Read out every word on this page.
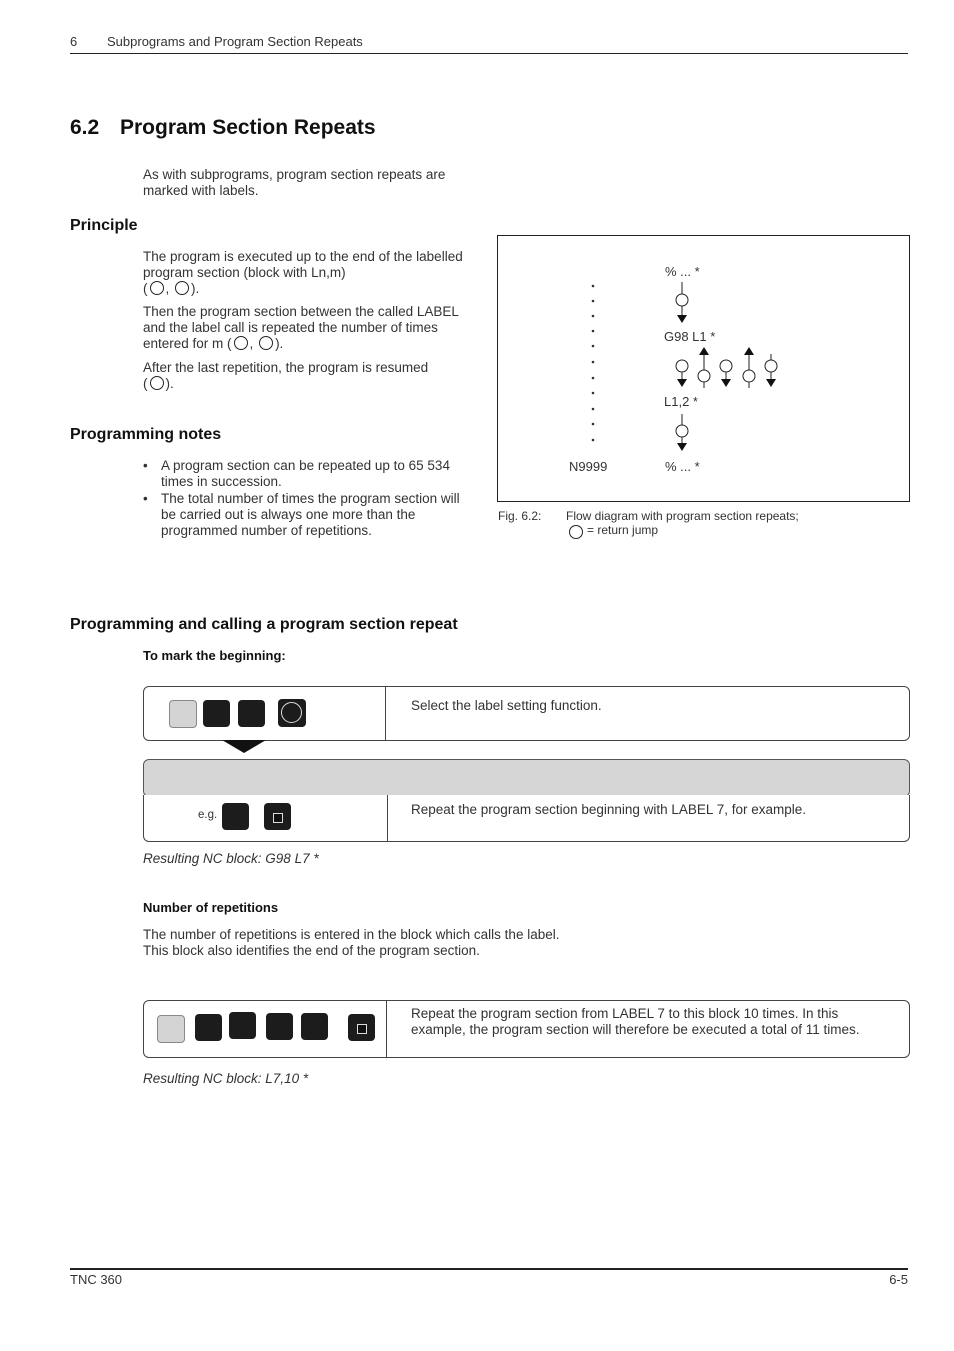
6 Subprograms and Program Section Repeats
6.2 Program Section Repeats
As with subprograms, program section repeats are marked with labels.
Principle
The program is executed up to the end of the labelled program section (block with Ln,m)
( , ).
Then the program section between the called LABEL and the label call is repeated the number of times entered for m ( , ).
After the last repetition, the program is resumed
( ).
Programming notes
• A program section can be repeated up to 65 534 times in succession.
• The total number of times the program section will be carried out is always one more than the programmed number of repetitions.
% ... *
G98 L1 *
L1,2 *
N9999	% ... *
Fig. 6.2: Flow diagram with program section repeats;
= return jump
Programming and calling a program section repeat
To mark the beginning:
Select the label setting function.
e.g.	Repeat the program section beginning with LABEL 7, for example.
Resulting NC block: G98 L7 *
Number of repetitions
The number of repetitions is entered in the block which calls the label.
This block also identifies the end of the program section.
Repeat the program section from LABEL 7 to this block 10 times. In this example, the program section will therefore be executed a total of 11 times.
Resulting NC block: L7,10 *
TNC 360	6-5
